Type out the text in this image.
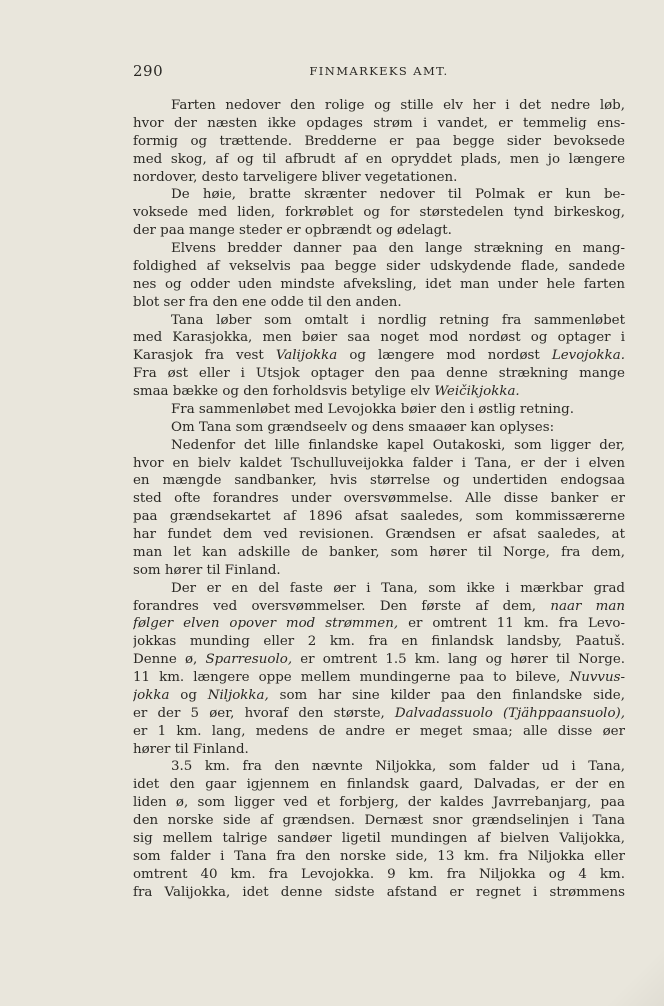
290	FINMARKEKS AMT.
Farten nedover den rolige og stille elv her i det nedre løb,
hvor der næsten ikke opdages strøm i vandet, er temmelig ens-
formig og trættende. Bredderne er paa begge sider bevoksede
med skog, af og til afbrudt af en opryddet plads, men jo længere
nordover, desto tarveligere bliver vegetationen.
De høie, bratte skrænter nedover til Polmak er kun be-
voksede med liden, forkrøblet og for størstedelen tynd birkeskog,
der paa mange steder er opbrændt og ødelagt.
Elvens bredder danner paa den lange strækning en mang-
foldighed af vekselvis paa begge sider udskydende flade, sandede
nes og odder uden mindste afveksling, idet man under hele farten
blot ser fra den ene odde til den anden.
Tana løber som omtalt i nordlig retning fra sammenløbet
med Karasjokka, men bøier saa noget mod nordøst og optager i
Karasjok fra vest Valijokka og længere mod nordøst Levojokka.
Fra øst eller i Utsjok optager den paa denne strækning mange
smaa bække og den forholdsvis betylige elv Weičikjokka.
Fra sammenløbet med Levojokka bøier den i østlig retning.
Om Tana som grændseelv og dens smaaøer kan oplyses:
Nedenfor det lille finlandske kapel Outakoski, som ligger der,
hvor en bielv kaldet Tschulluveijokka falder i Tana, er der i elven
en mængde sandbanker, hvis størrelse og undertiden endogsaa
sted ofte forandres under oversvømmelse. Alle disse banker er
paa grændsekartet af 1896 afsat saaledes, som kommissærerne
har fundet dem ved revisionen. Grændsen er afsat saaledes, at
man let kan adskille de banker, som hører til Norge, fra dem,
som hører til Finland.
Der er en del faste øer i Tana, som ikke i mærkbar grad
forandres ved oversvømmelser. Den første af dem, naar man
følger elven opover mod strømmen, er omtrent 11 km. fra Levo-
jokkas munding eller 2 km. fra en finlandsk landsby, Paatuš.
Denne ø, Sparresuolo, er omtrent 1.5 km. lang og hører til Norge.
11 km. længere oppe mellem mundingerne paa to bilevе, Nuvvus-
jokka og Niljokka, som har sine kilder paa den finlandske side,
er der 5 øer, hvoraf den største, Dalvadassuolo (Tjähppaansuolo),
er 1 km. lang, medens de andre er meget smaa; alle disse øer
hører til Finland.
3.5 km. fra den nævnte Niljokka, som falder ud i Tana,
idet den gaar igjennem en finlandsk gaard, Dalvadas, er der en
liden ø, som ligger ved et forbjerg, der kaldes Javrrebanjarg, paa
den norske side af grændsen. Dernæst snor grændselinjen i Tana
sig mellem talrige sandøer ligetil mundingen af bielven Valijokka,
som falder i Tana fra den norske side, 13 km. fra Niljokka eller
omtrent 40 km. fra Levojokka. 9 km. fra Niljokka og 4 km.
fra Valijokka, idet denne sidste afstand er regnet i strømmens
